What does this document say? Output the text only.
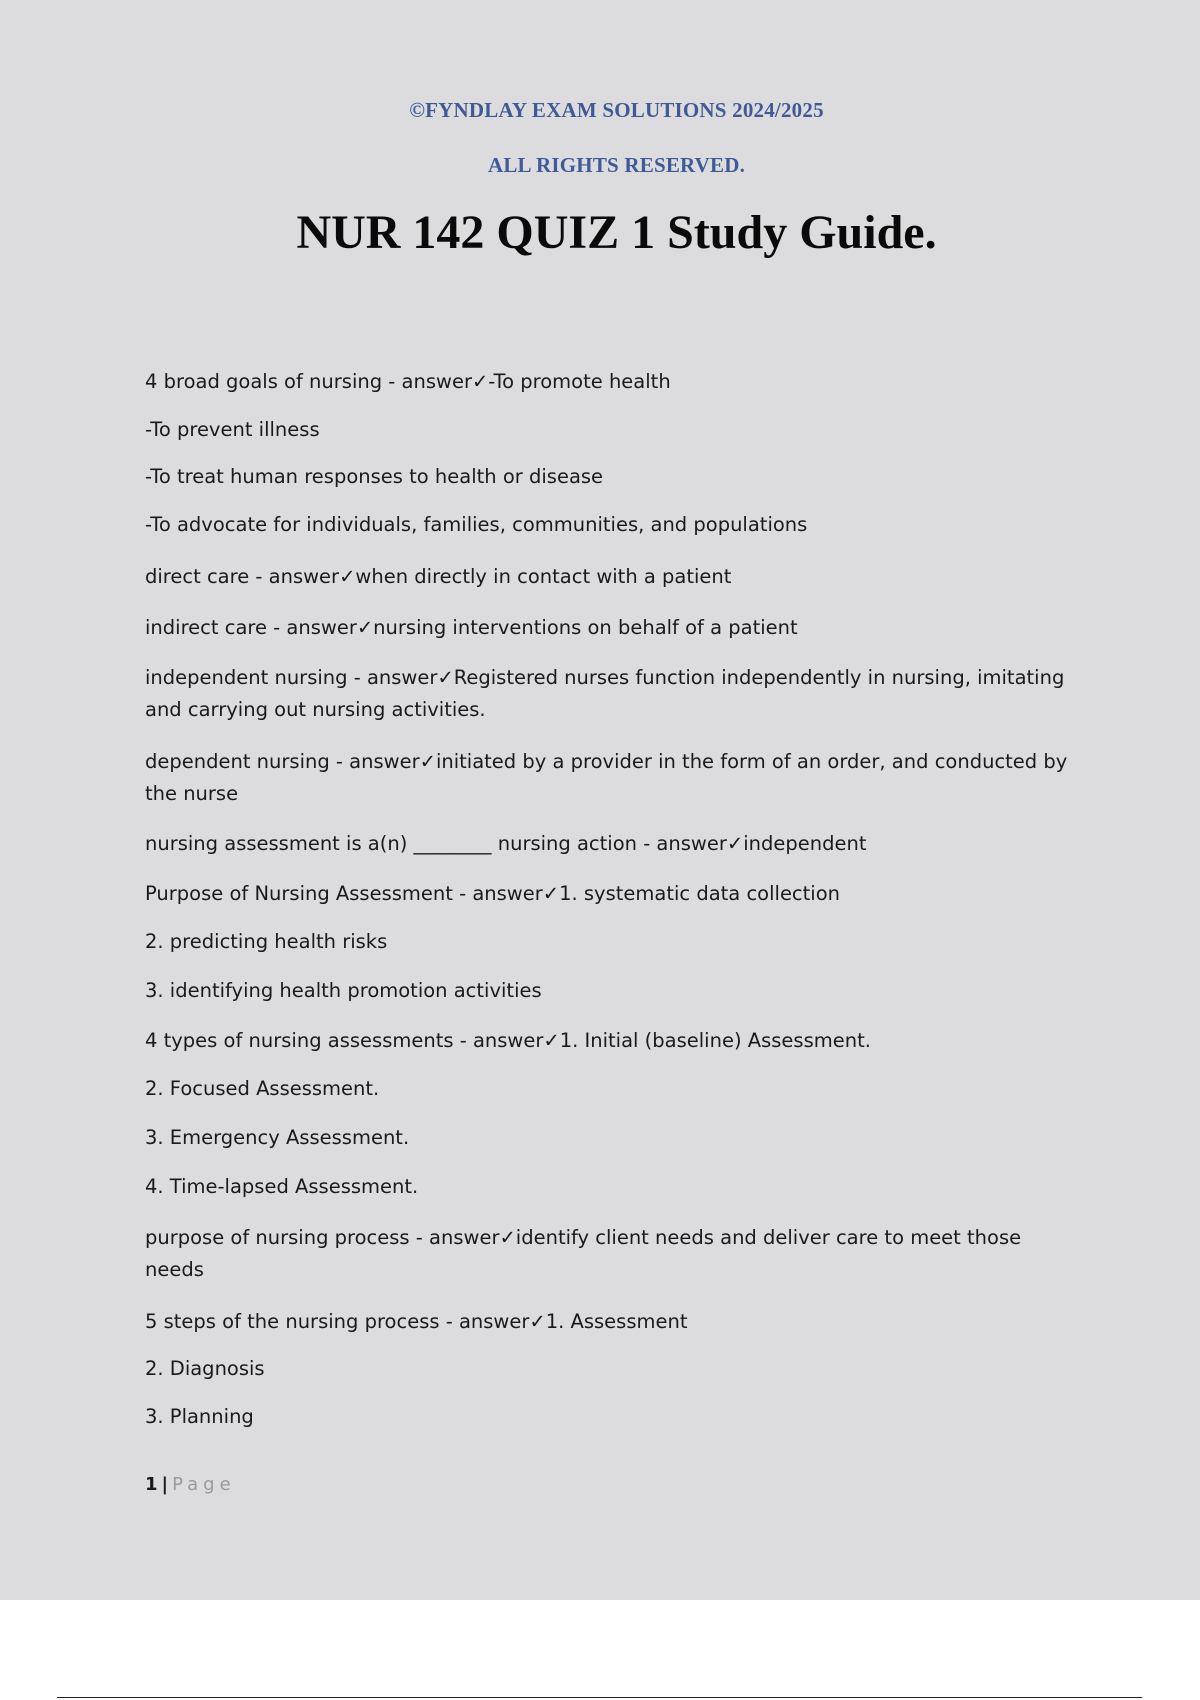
©FYNDLAY EXAM SOLUTIONS 2024/2025
ALL RIGHTS RESERVED.
NUR 142 QUIZ 1 Study Guide.

4 broad goals of nursing - answer✓-To promote health

-To prevent illness

-To treat human responses to health or disease

-To advocate for individuals, families, communities, and populations

direct care - answer✓when directly in contact with a patient

indirect care - answer✓nursing interventions on behalf of a patient

independent nursing - answer✓Registered nurses function independently in nursing, imitating and carrying out nursing activities.

dependent nursing - answer✓initiated by a provider in the form of an order, and conducted by the nurse

nursing assessment is a(n) ________ nursing action - answer✓independent

Purpose of Nursing Assessment - answer✓1. systematic data collection

2. predicting health risks

3. identifying health promotion activities

4 types of nursing assessments - answer✓1. Initial (baseline) Assessment.

2. Focused Assessment.

3. Emergency Assessment.

4. Time-lapsed Assessment.

purpose of nursing process - answer✓identify client needs and deliver care to meet those needs

5 steps of the nursing process - answer✓1. Assessment

2. Diagnosis

3. Planning

1 | Page
